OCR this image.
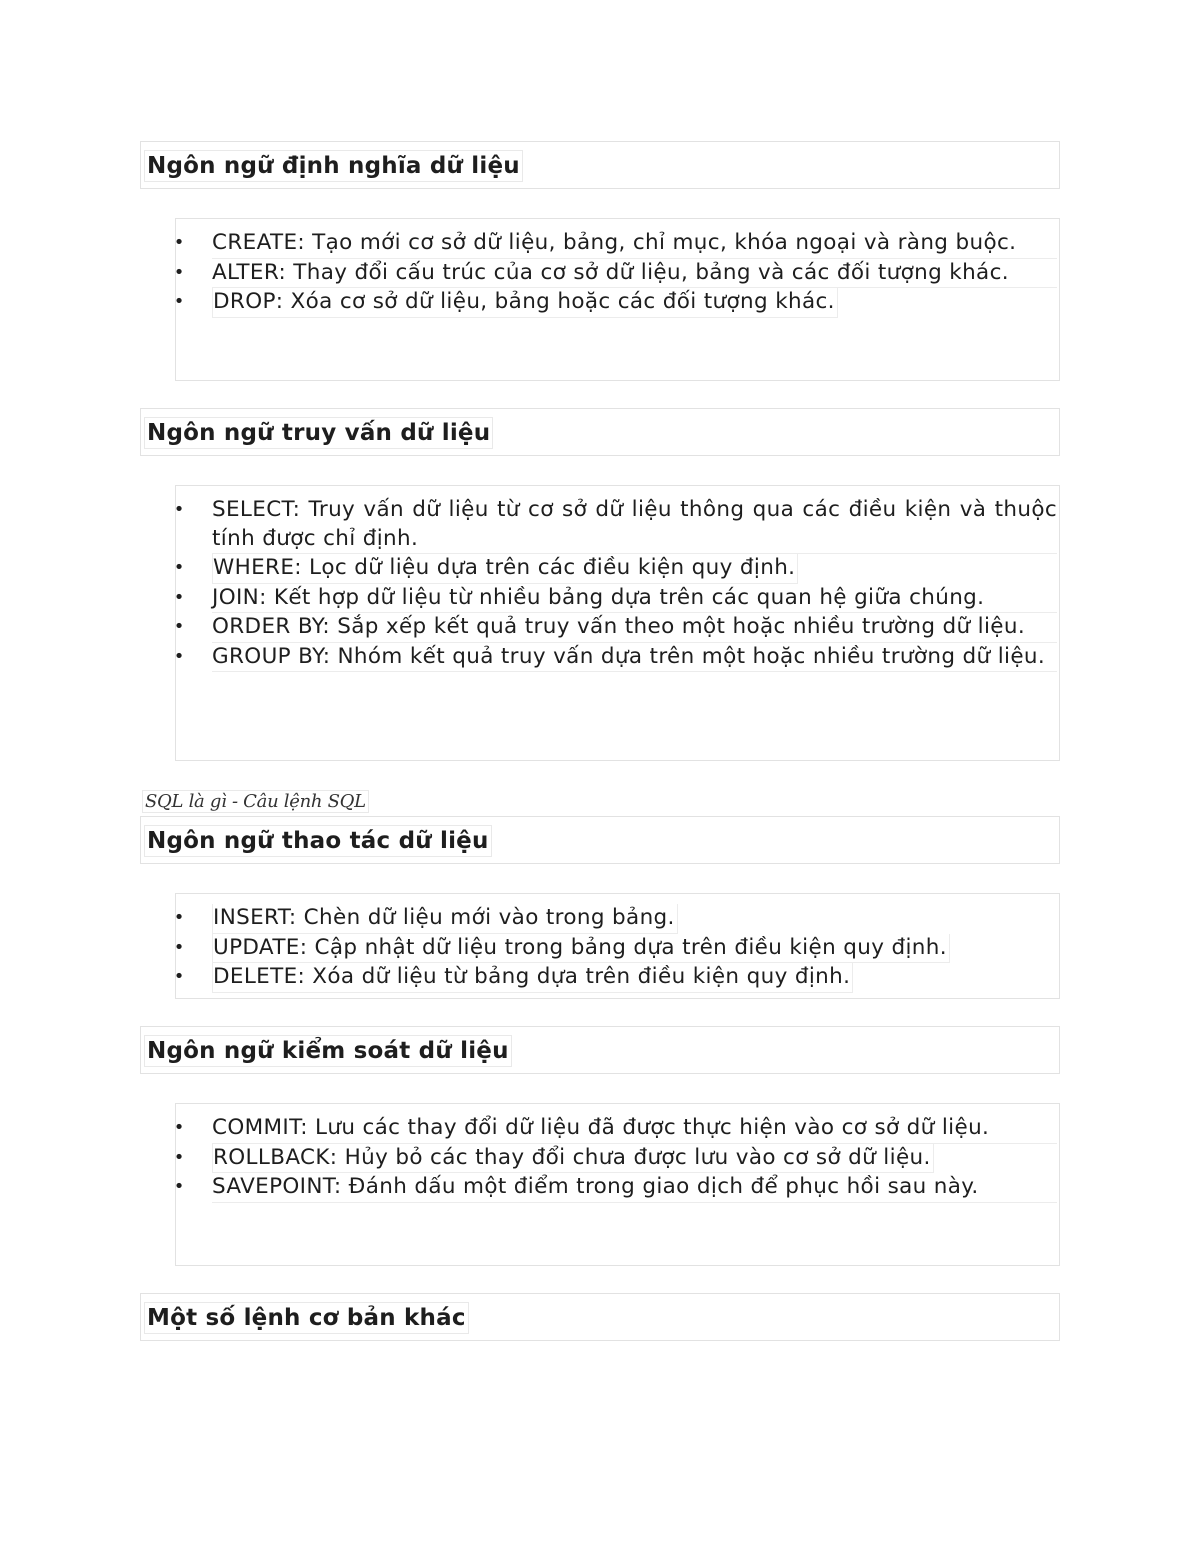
Ngôn ngữ định nghĩa dữ liệu
• CREATE: Tạo mới cơ sở dữ liệu, bảng, chỉ mục, khóa ngoại và ràng buộc.
• ALTER: Thay đổi cấu trúc của cơ sở dữ liệu, bảng và các đối tượng khác.
• DROP: Xóa cơ sở dữ liệu, bảng hoặc các đối tượng khác.
Ngôn ngữ truy vấn dữ liệu
• SELECT: Truy vấn dữ liệu từ cơ sở dữ liệu thông qua các điều kiện và thuộc tính được chỉ định.
• WHERE: Lọc dữ liệu dựa trên các điều kiện quy định.
• JOIN: Kết hợp dữ liệu từ nhiều bảng dựa trên các quan hệ giữa chúng.
• ORDER BY: Sắp xếp kết quả truy vấn theo một hoặc nhiều trường dữ liệu.
• GROUP BY: Nhóm kết quả truy vấn dựa trên một hoặc nhiều trường dữ liệu.
SQL là gì - Câu lệnh SQL
Ngôn ngữ thao tác dữ liệu
• INSERT: Chèn dữ liệu mới vào trong bảng.
• UPDATE: Cập nhật dữ liệu trong bảng dựa trên điều kiện quy định.
• DELETE: Xóa dữ liệu từ bảng dựa trên điều kiện quy định.
Ngôn ngữ kiểm soát dữ liệu
• COMMIT: Lưu các thay đổi dữ liệu đã được thực hiện vào cơ sở dữ liệu.
• ROLLBACK: Hủy bỏ các thay đổi chưa được lưu vào cơ sở dữ liệu.
• SAVEPOINT: Đánh dấu một điểm trong giao dịch để phục hồi sau này.
Một số lệnh cơ bản khác
